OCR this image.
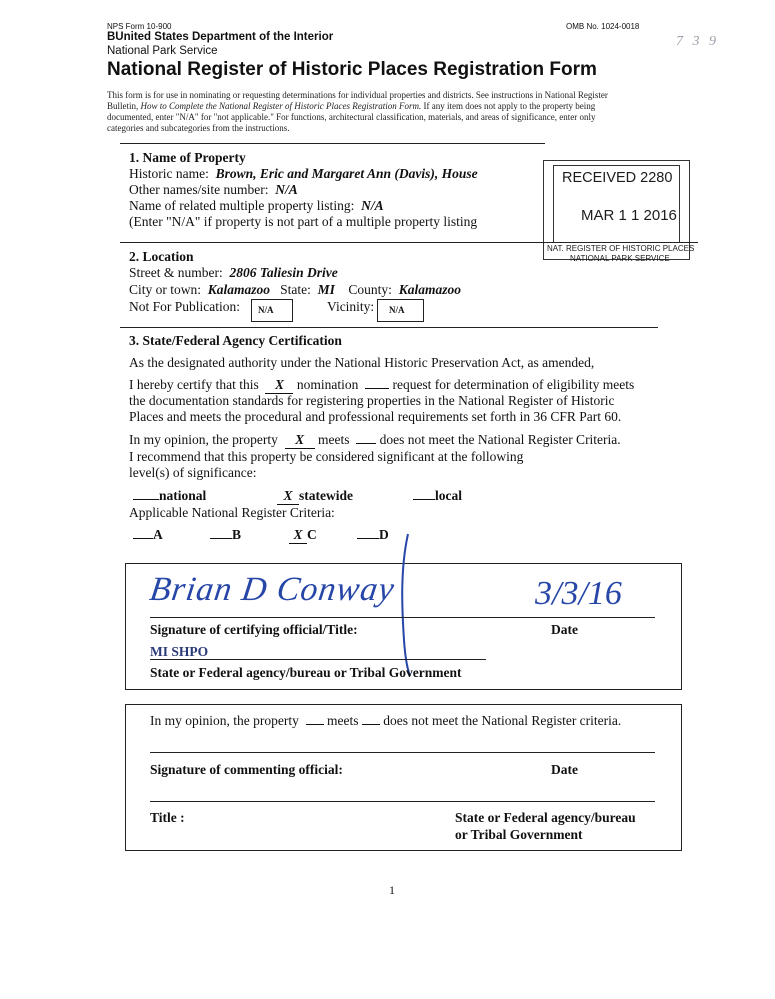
NPS Form 10-900	OMB No. 1024-0018
7 3 9
BUnited States Department of the Interior
National Park Service
National Register of Historic Places Registration Form
This form is for use in nominating or requesting determinations for individual properties and districts. See instructions in National Register
Bulletin, How to Complete the National Register of Historic Places Registration Form. If any item does not apply to the property being
documented, enter "N/A" for "not applicable." For functions, architectural classification, materials, and areas of significance, enter only
categories and subcategories from the instructions.
RECEIVED 2280
MAR 1 1 2016
NAT. REGISTER OF HISTORIC PLACES
NATIONAL PARK SERVICE
1. Name of Property
Historic name: Brown, Eric and Margaret Ann (Davis), House
Other names/site number: N/A
Name of related multiple property listing: N/A
(Enter "N/A" if property is not part of a multiple property listing
2. Location
Street & number: 2806 Taliesin Drive
City or town: Kalamazoo State: MI County: Kalamazoo
Not For Publication: N/A	Vicinity: N/A
3. State/Federal Agency Certification
As the designated authority under the National Historic Preservation Act, as amended,
I hereby certify that this X nomination	request for determination of eligibility meets
the documentation standards for registering properties in the National Register of Historic
Places and meets the procedural and professional requirements set forth in 36 CFR Part 60.
In my opinion, the property X meets does not meet the National Register Criteria.
I recommend that this property be considered significant at the following
level(s) of significance:
national	X statewide	local
Applicable National Register Criteria:
A	B	X C	D
Brian D Conway	3/3/16
Signature of certifying official/Title:	Date
MI SHPO
State or Federal agency/bureau or Tribal Government
In my opinion, the property meets does not meet the National Register criteria.
Signature of commenting official:	Date
Title :	State or Federal agency/bureau
or Tribal Government
1
